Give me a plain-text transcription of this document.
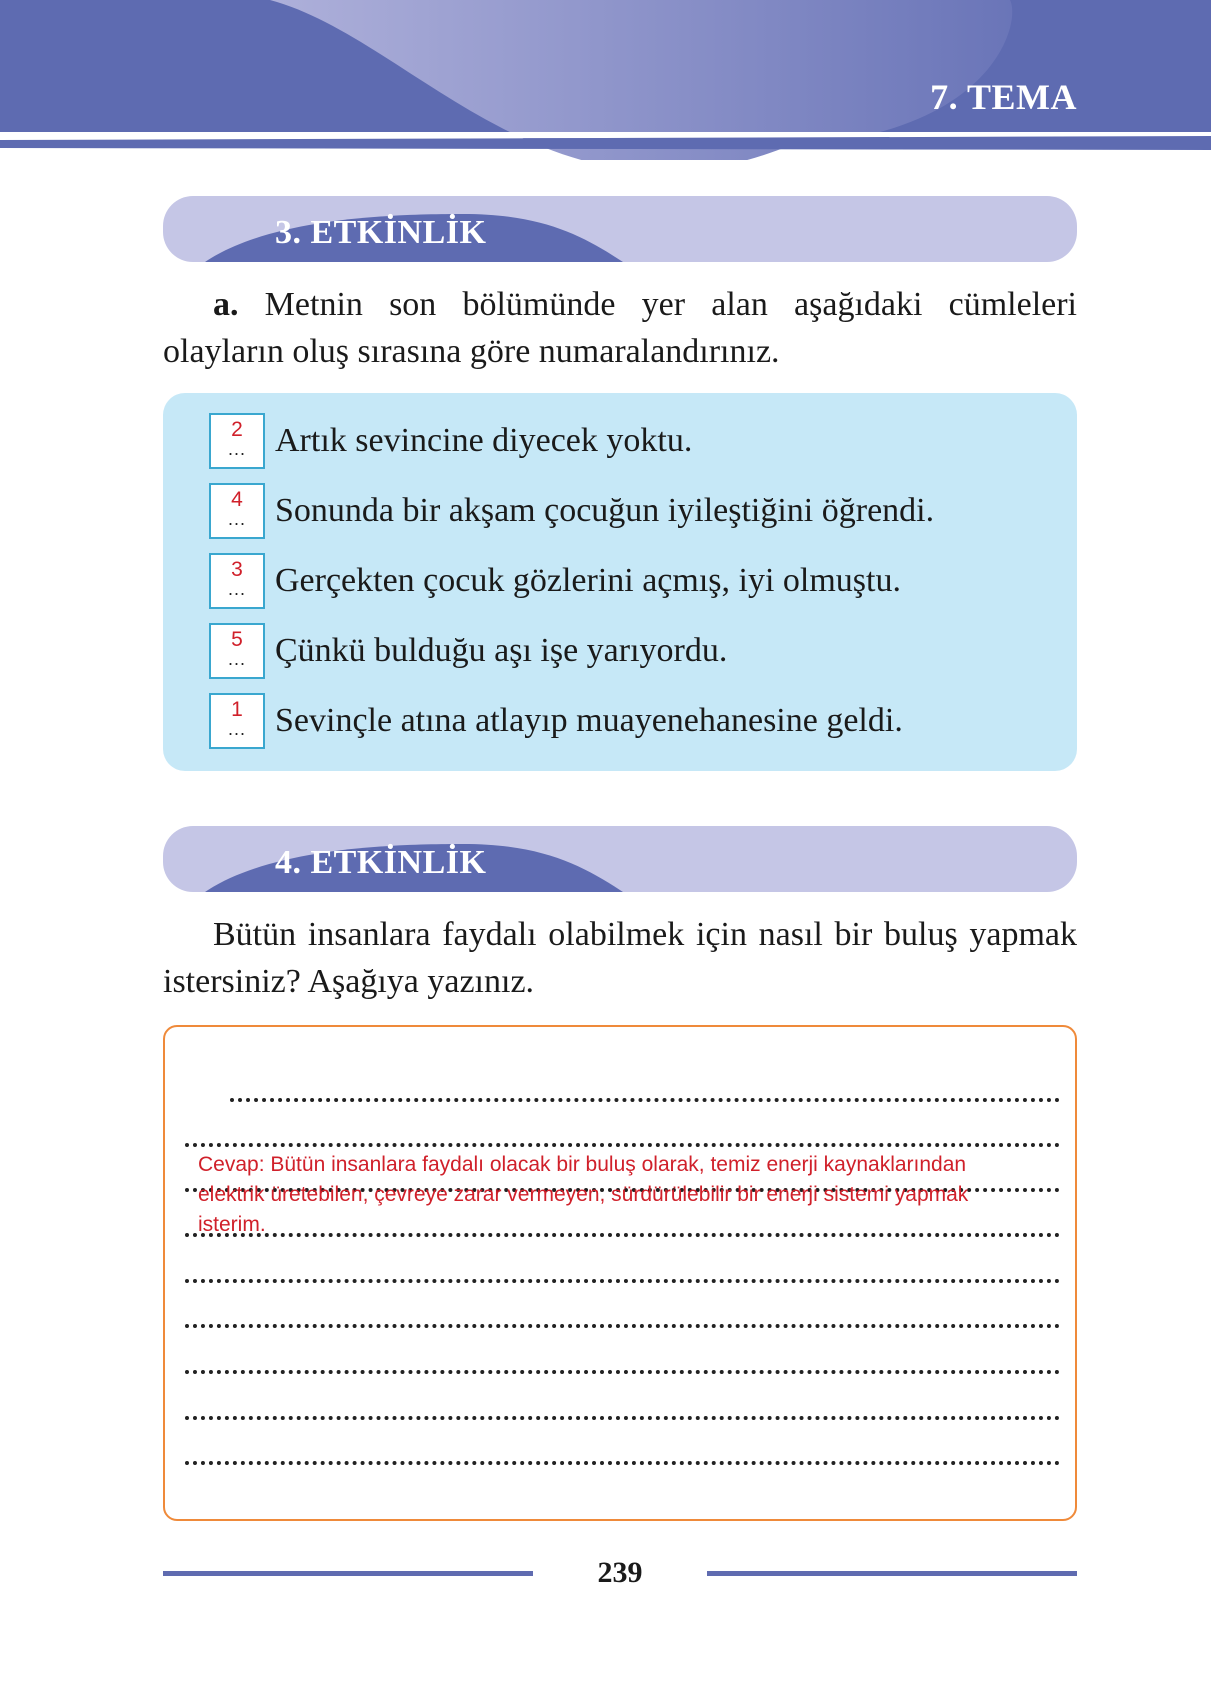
7. TEMA
3. ETKİNLİK
a. Metnin son bölümünde yer alan aşağıdaki cümleleri olayların oluş sırasına göre numaralandırınız.
2
... Artık sevincine diyecek yoktu.
4
... Sonunda bir akşam çocuğun iyileştiğini öğrendi.
3
... Gerçekten çocuk gözlerini açmış, iyi olmuştu.
5
... Çünkü bulduğu aşı işe yarıyordu.
1
... Sevinçle atına atlayıp muayenehanesine geldi.
4. ETKİNLİK
Bütün insanlara faydalı olabilmek için nasıl bir buluş yapmak istersiniz? Aşağıya yazınız.
Cevap: Bütün insanlara faydalı olacak bir buluş olarak, temiz enerji kaynaklarından
elektrik üretebilen, çevreye zarar vermeyen, sürdürülebilir bir enerji sistemi yapmak
isterim.
239
